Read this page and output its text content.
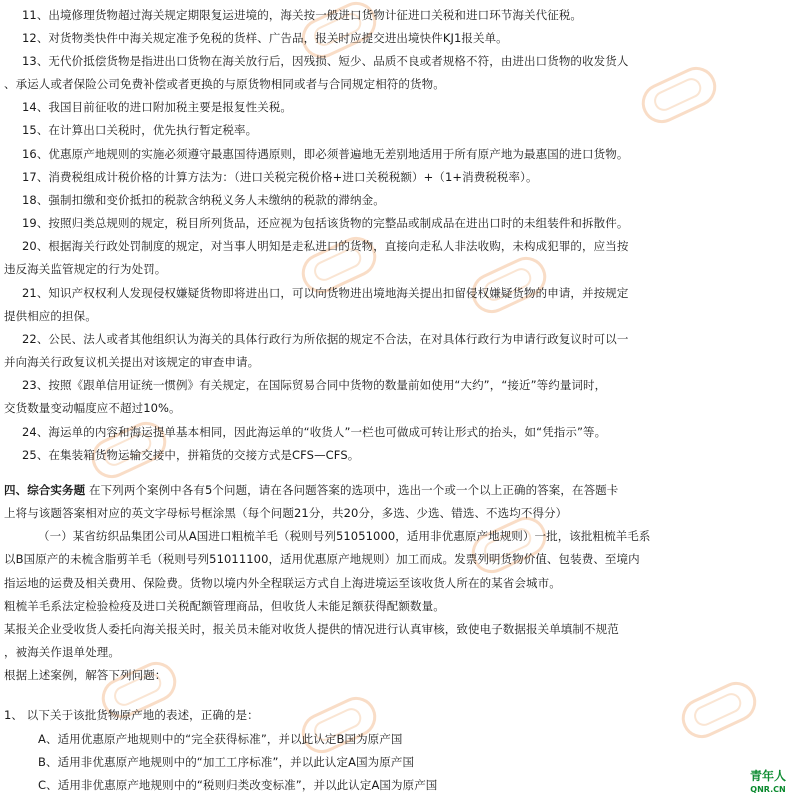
11、出境修理货物超过海关规定期限复运进境的，海关按一般进口货物计征进口关税和进口环节海关代征税。
12、对货物类快件中海关规定准予免税的货样、广告品，报关时应提交进出境快件KJ1报关单。
13、无代价抵偿货物是指进出口货物在海关放行后，因残损、短少、品质不良或者规格不符，由进出口货物的收发货人
、承运人或者保险公司免费补偿或者更换的与原货物相同或者与合同规定相符的货物。
14、我国目前征收的进口附加税主要是报复性关税。
15、在计算出口关税时，优先执行暂定税率。
16、优惠原产地规则的实施必须遵守最惠国待遇原则，即必须普遍地无差别地适用于所有原产地为最惠国的进口货物。
17、消费税组成计税价格的计算方法为：（进口关税完税价格+进口关税税额）+（1+消费税税率）。
18、强制扣缴和变价抵扣的税款含纳税义务人未缴纳的税款的滞纳金。
19、按照归类总规则的规定，税目所列货品，还应视为包括该货物的完整品或制成品在进出口时的未组装件和拆散件。
20、根据海关行政处罚制度的规定，对当事人明知是走私进口的货物，直接向走私人非法收购，未构成犯罪的，应当按
违反海关监管规定的行为处罚。
21、知识产权权利人发现侵权嫌疑货物即将进出口，可以向货物进出境地海关提出扣留侵权嫌疑货物的申请，并按规定
提供相应的担保。
22、公民、法人或者其他组织认为海关的具体行政行为所依据的规定不合法，在对具体行政行为申请行政复议时可以一
并向海关行政复议机关提出对该规定的审查申请。
23、按照《跟单信用证统一惯例》有关规定，在国际贸易合同中货物的数量前如使用“大约”，“接近”等约量词时，
交货数量变动幅度应不超过10%。
24、海运单的内容和海运提单基本相同，因此海运单的“收货人”一栏也可做成可转让形式的抬头，如“凭指示”等。
25、在集装箱货物运输交接中，拼箱货的交接方式是CFS—CFS。
四、综合实务题 在下列两个案例中各有5个问题，请在各问题答案的选项中，选出一个或一个以上正确的答案，在答题卡
上将与该题答案相对应的英文字母标号框涂黑（每个问题21分，共20分，多选、少选、错选、不选均不得分）
（一）某省纺织品集团公司从A国进口粗梳羊毛（税则号列51051000，适用非优惠原产地规则）一批，该批粗梳羊毛系
以B国原产的未梳含脂剪羊毛（税则号列51011100，适用优惠原产地规则）加工而成。发票列明货物价值、包装费、至境内
指运地的运费及相关费用、保险费。货物以境内外全程联运方式自上海进境运至该收货人所在的某省会城市。
粗梳羊毛系法定检验检疫及进口关税配额管理商品，但收货人未能足额获得配额数量。
某报关企业受收货人委托向海关报关时，报关员未能对收货人提供的情况进行认真审核，致使电子数据报关单填制不规范
，被海关作退单处理。
根据上述案例，解答下列问题：
1、 以下关于该批货物原产地的表述，正确的是：
A、适用优惠原产地规则中的“完全获得标准”，并以此认定B国为原产国
B、适用非优惠原产地规则中的“加工工序标准”，并以此认定A国为原产国
C、适用非优惠原产地规则中的“税则归类改变标准”，并以此认定A国为原产国
青年人
QNR.CN
